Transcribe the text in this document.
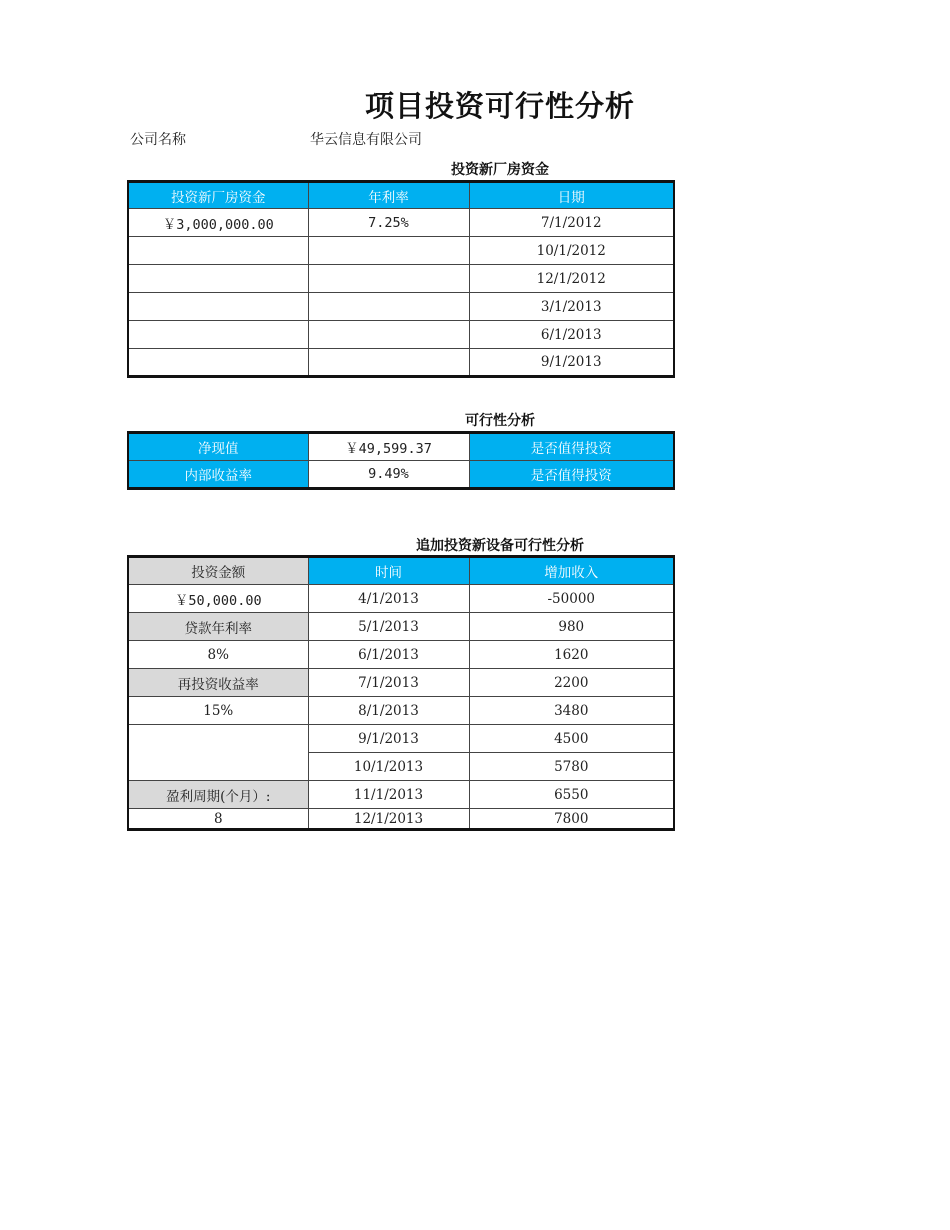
项目投资可行性分析
公司名称	华云信息有限公司
投资新厂房资金
投资新厂房资金	年利率	日期
￥3,000,000.00	7.25%	7/1/2012
		10/1/2012
		12/1/2012
		3/1/2013
		6/1/2013
		9/1/2013
可行性分析
净现值	￥49,599.37	是否值得投资
内部收益率	9.49%	是否值得投资
追加投资新设备可行性分析
投资金额	时间	增加收入
￥50,000.00	4/1/2013	-50000
贷款年利率	5/1/2013	980
8%	6/1/2013	1620
再投资收益率	7/1/2013	2200
15%	8/1/2013	3480
	9/1/2013	4500
	10/1/2013	5780
盈利周期(个月）:	11/1/2013	6550
8	12/1/2013	7800
